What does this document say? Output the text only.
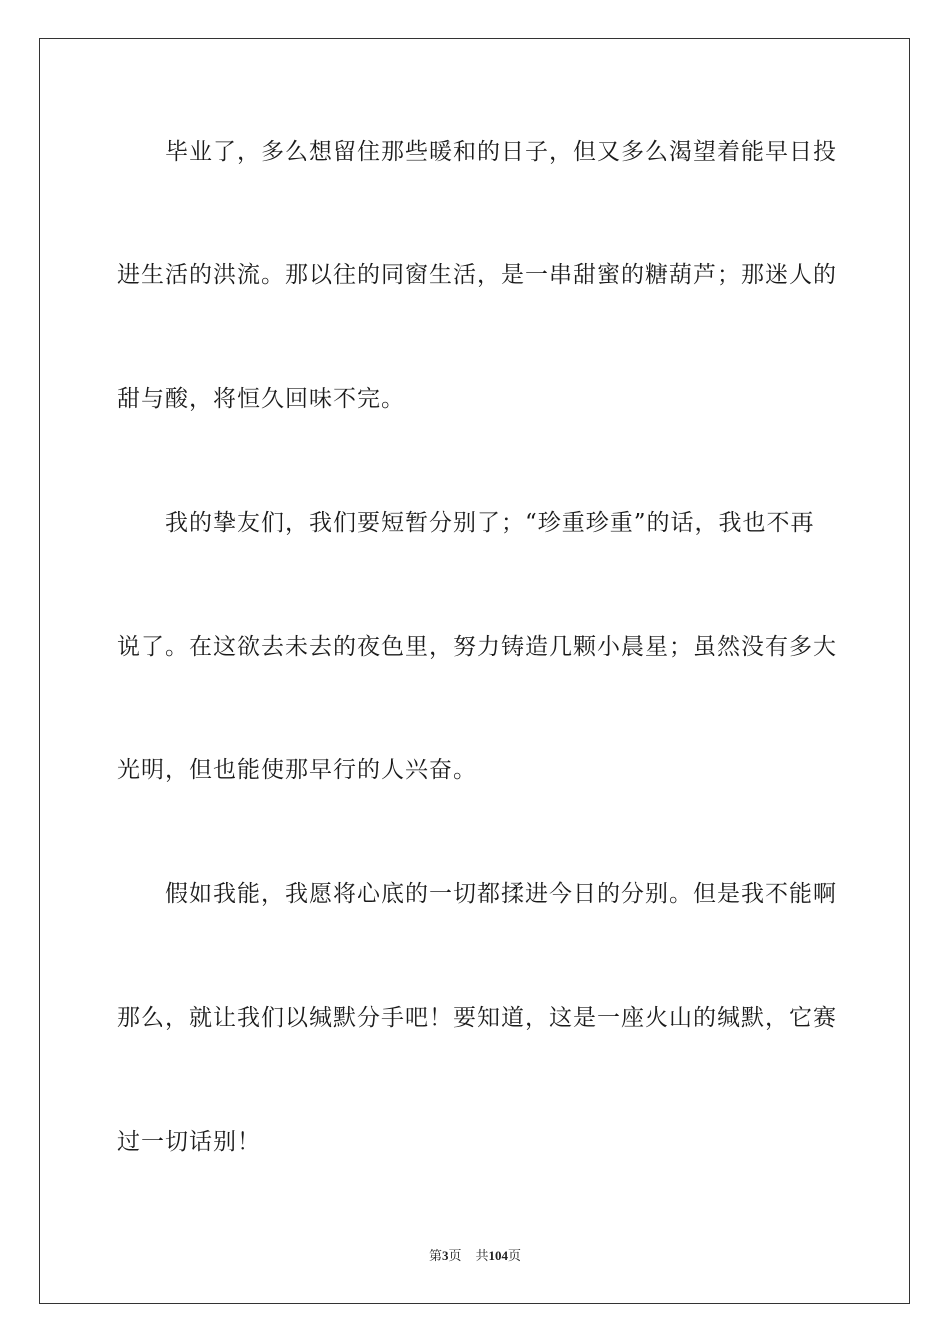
毕业了，多么想留住那些暖和的日子，但又多么渴望着能早日投
进生活的洪流。那以往的同窗生活，是一串甜蜜的糖葫芦；那迷人的
甜与酸，将恒久回味不完。
我的挚友们，我们要短暂分别了；“珍重珍重”的话，我也不再
说了。在这欲去未去的夜色里，努力铸造几颗小晨星；虽然没有多大
光明，但也能使那早行的人兴奋。
假如我能，我愿将心底的一切都揉进今日的分别。但是我不能啊
那么，就让我们以缄默分手吧！要知道，这是一座火山的缄默，它赛
过一切话别！
第3页 共104页
